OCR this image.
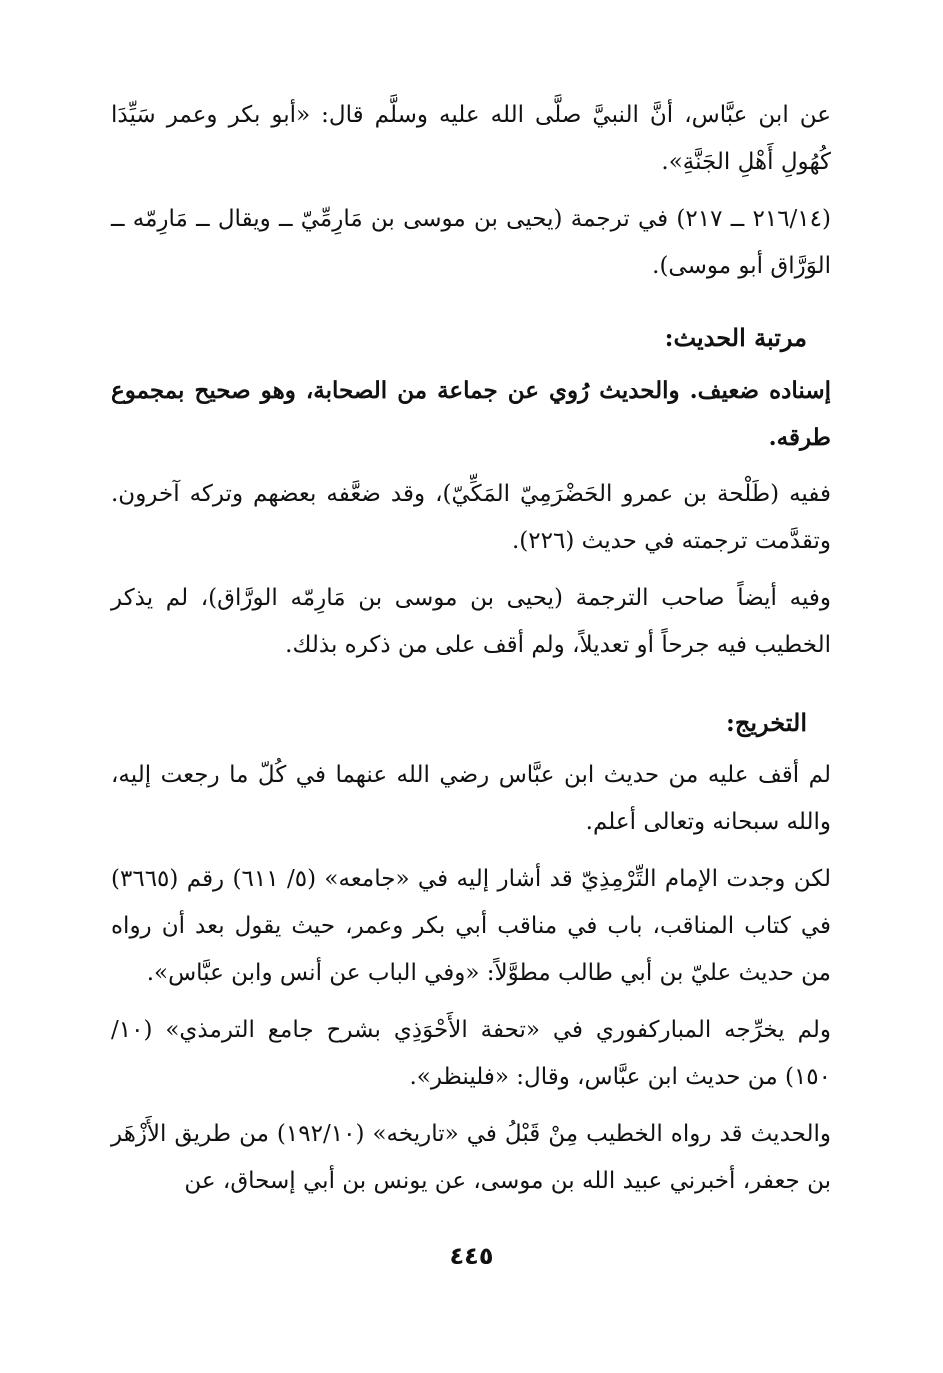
عن ابن عبَّاس، أنَّ النبيَّ صلَّى الله عليه وسلَّم قال: «أبو بكر وعمر سَيِّدَا كُهُولِ أَهْلِ الجَنَّةِ».

(٢١٦/١٤ ــ ٢١٧) في ترجمة (يحيى بن موسى بن مَارِمِّيّ ــ ويقال ــ مَارِمّه ــ الوَرَّاق أبو موسى).

مرتبة الحديث:

إسناده ضعيف. والحديث رُوي عن جماعة من الصحابة، وهو صحيح بمجموع طرقه.

ففيه (طَلْحة بن عمرو الحَضْرَمِيّ المَكِّيّ)، وقد ضعَّفه بعضهم وتركه آخرون. وتقدَّمت ترجمته في حديث (٢٢٦).

وفيه أيضاً صاحب الترجمة (يحيى بن موسى بن مَارِمّه الورَّاق)، لم يذكر الخطيب فيه جرحاً أو تعديلاً، ولم أقف على من ذكره بذلك.

التخريج:

لم أقف عليه من حديث ابن عبَّاس رضي الله عنهما في كُلّ ما رجعت إليه، والله سبحانه وتعالى أعلم.

لكن وجدت الإمام التِّرْمِذِيّ قد أشار إليه في «جامعه» (٥/ ٦١١) رقم (٣٦٦٥) في كتاب المناقب، باب في مناقب أبي بكر وعمر، حيث يقول بعد أن رواه من حديث عليّ بن أبي طالب مطوَّلاً: «وفي الباب عن أنس وابن عبَّاس».

ولم يخرِّجه المباركفوري في «تحفة الأَحْوَذِي بشرح جامع الترمذي» (١٠/ ١٥٠) من حديث ابن عبَّاس، وقال: «فلينظر».

والحديث قد رواه الخطيب مِنْ قَبْلُ في «تاريخه» (١٩٢/١٠) من طريق الأَزْهَر بن جعفر، أخبرني عبيد الله بن موسى، عن يونس بن أبي إسحاق، عن

٤٤٥
